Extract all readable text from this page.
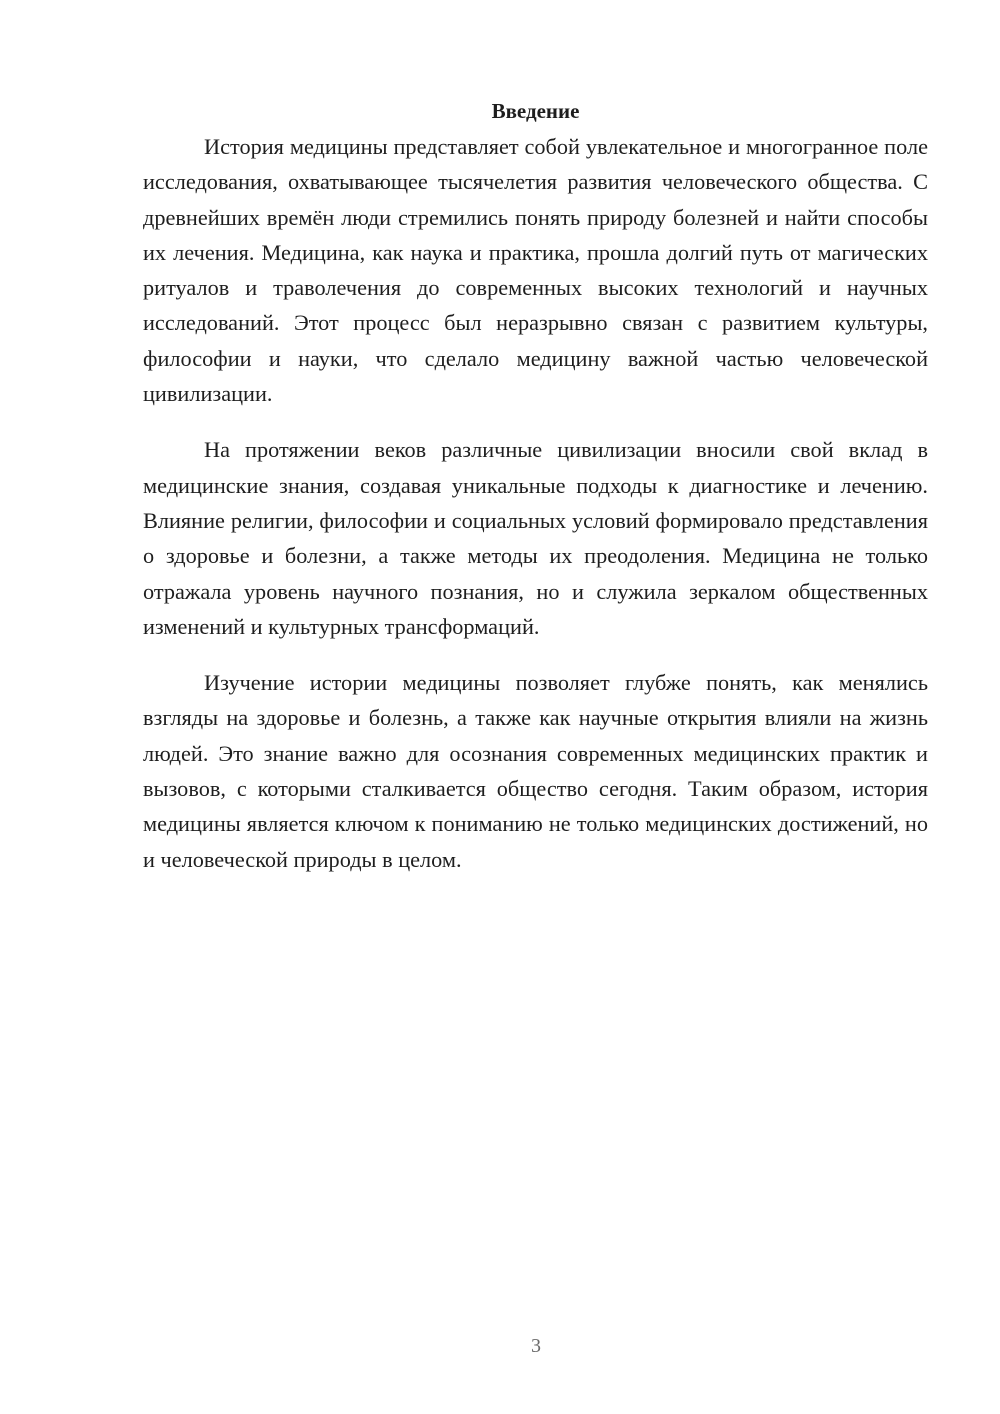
Введение

История медицины представляет собой увлекательное и многогранное поле исследования, охватывающее тысячелетия развития человеческого общества. С древнейших времён люди стремились понять природу болезней и найти способы их лечения. Медицина, как наука и практика, прошла долгий путь от магических ритуалов и траволечения до современных высоких технологий и научных исследований. Этот процесс был неразрывно связан с развитием культуры, философии и науки, что сделало медицину важной частью человеческой цивилизации.

На протяжении веков различные цивилизации вносили свой вклад в медицинские знания, создавая уникальные подходы к диагностике и лечению. Влияние религии, философии и социальных условий формировало представления о здоровье и болезни, а также методы их преодоления. Медицина не только отражала уровень научного познания, но и служила зеркалом общественных изменений и культурных трансформаций.

Изучение истории медицины позволяет глубже понять, как менялись взгляды на здоровье и болезнь, а также как научные открытия влияли на жизнь людей. Это знание важно для осознания современных медицинских практик и вызовов, с которыми сталкивается общество сегодня. Таким образом, история медицины является ключом к пониманию не только медицинских достижений, но и человеческой природы в целом.

3
